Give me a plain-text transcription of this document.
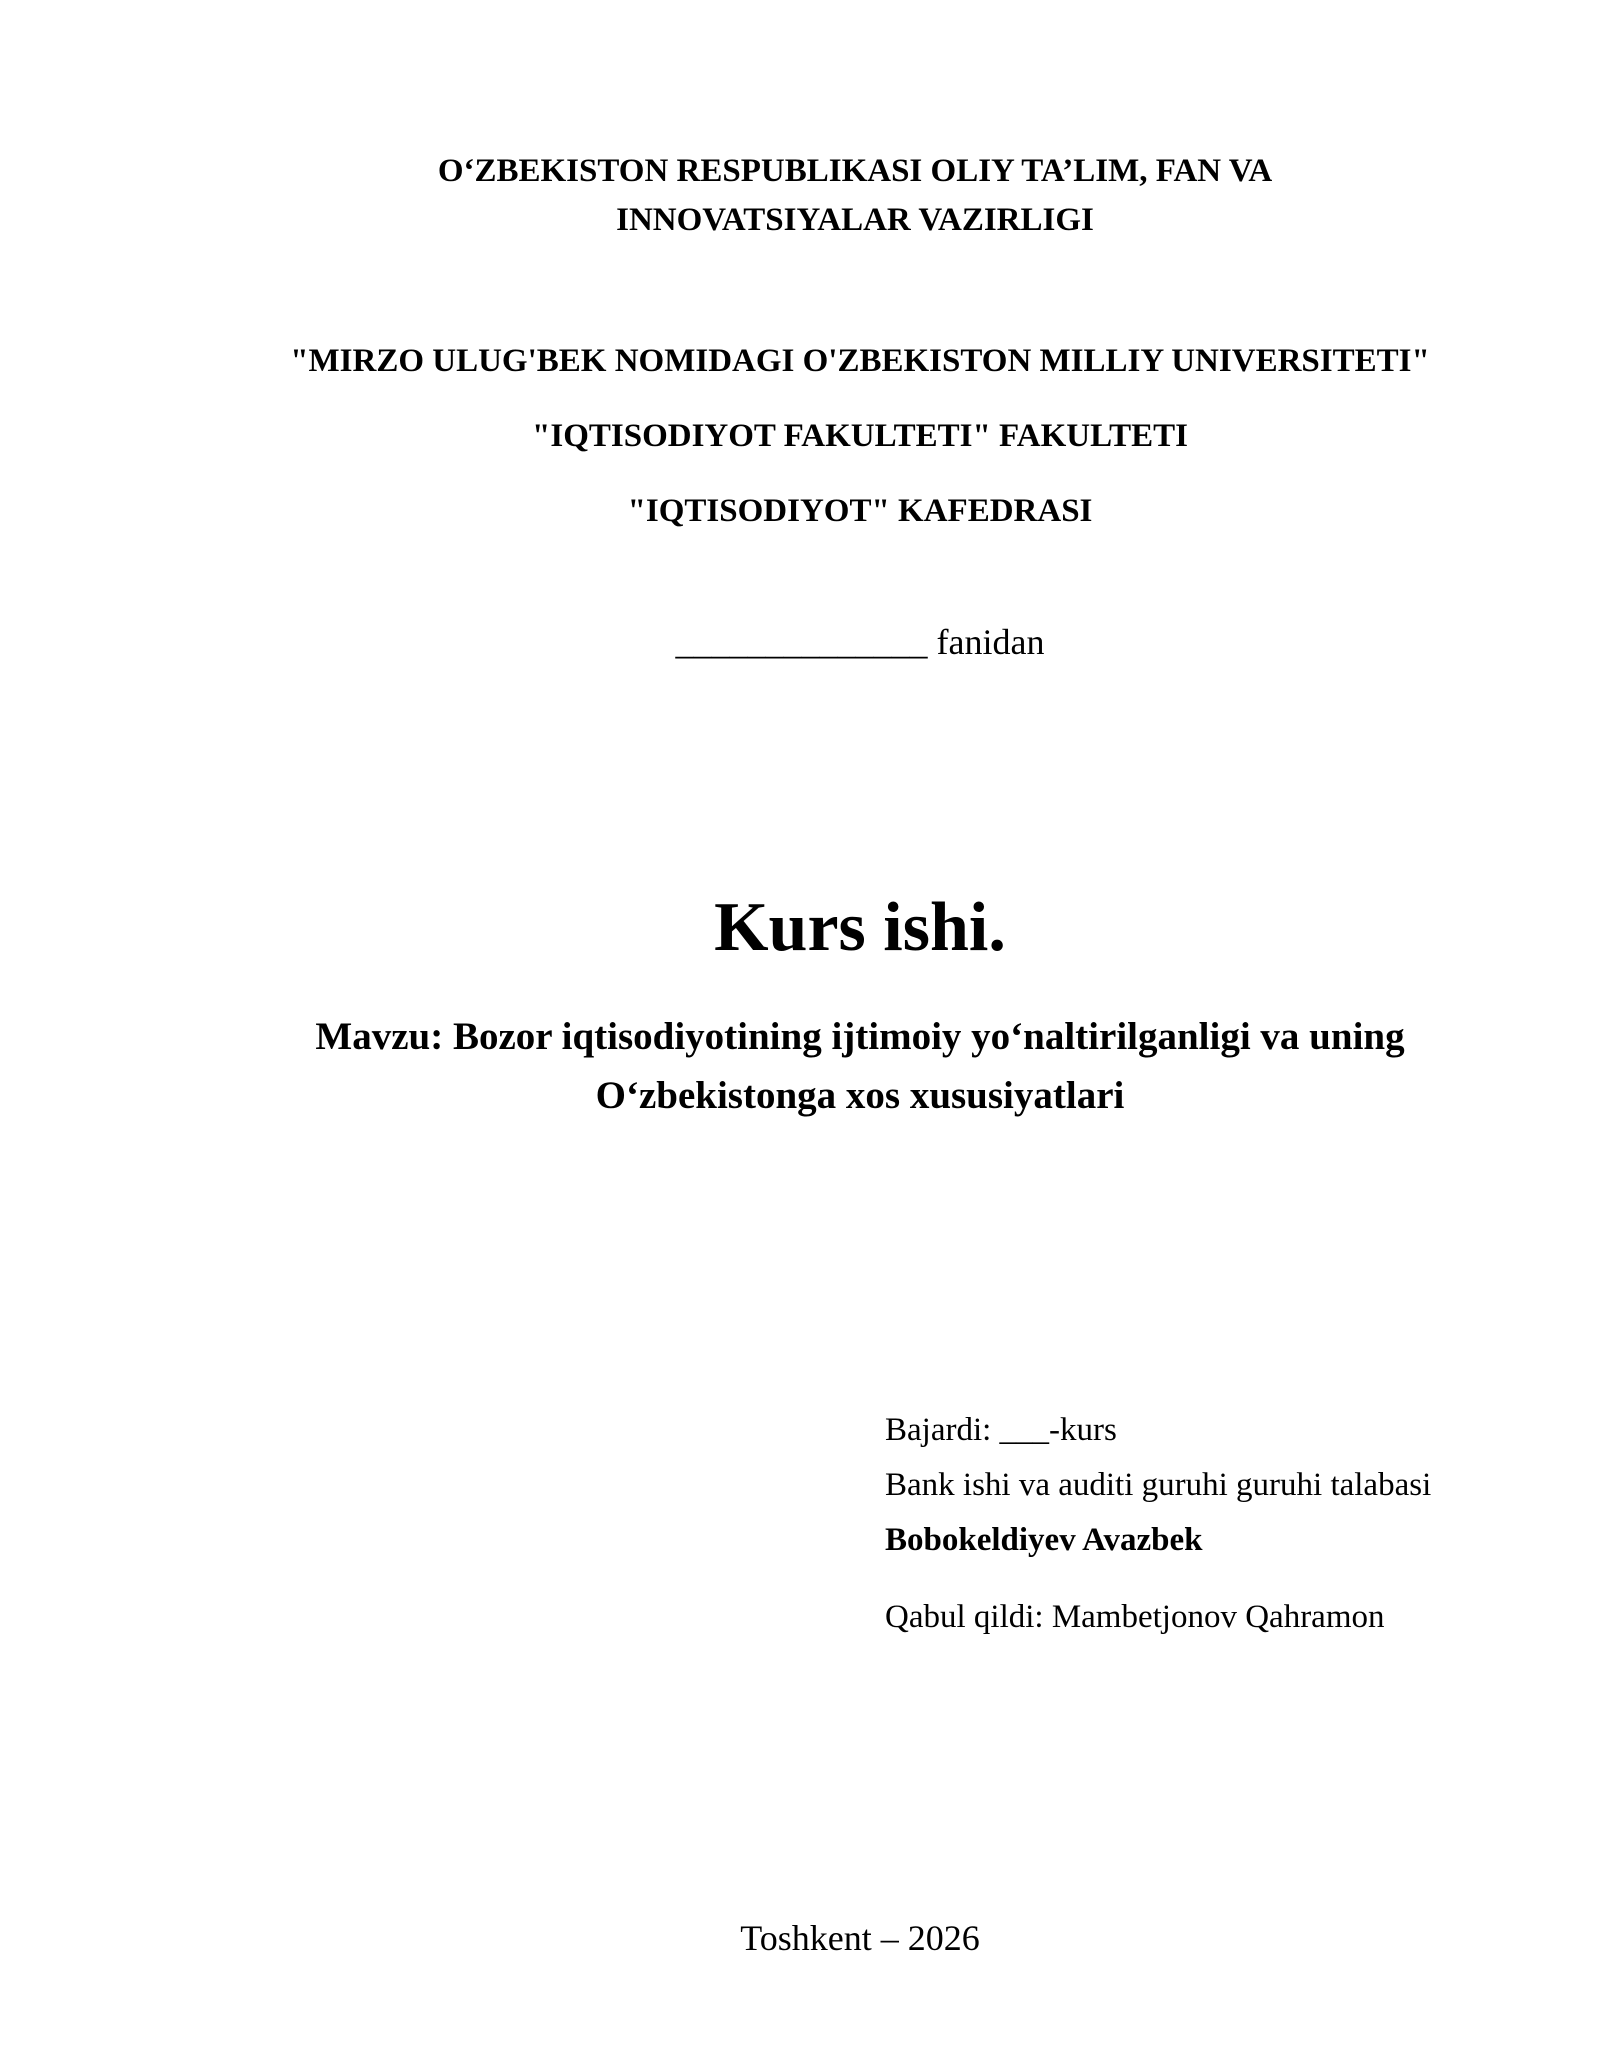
O‘ZBEKISTON RESPUBLIKASI OLIY TA’LIM, FAN VA
INNOVATSIYALAR VAZIRLIGI
"MIRZO ULUG'BEK NOMIDAGI O'ZBEKISTON MILLIY UNIVERSITETI"
"IQTISODIYOT FAKULTETI" FAKULTETI
"IQTISODIYOT" KAFEDRASI
______________ fanidan
Kurs ishi.
Mavzu: Bozor iqtisodiyotining ijtimoiy yo‘naltirilganligi va uning
O‘zbekistonga xos xususiyatlari
Bajardi: ___-kurs
Bank ishi va auditi guruhi guruhi talabasi
Bobokeldiyev Avazbek
Qabul qildi: Mambetjonov Qahramon
Toshkent – 2026
